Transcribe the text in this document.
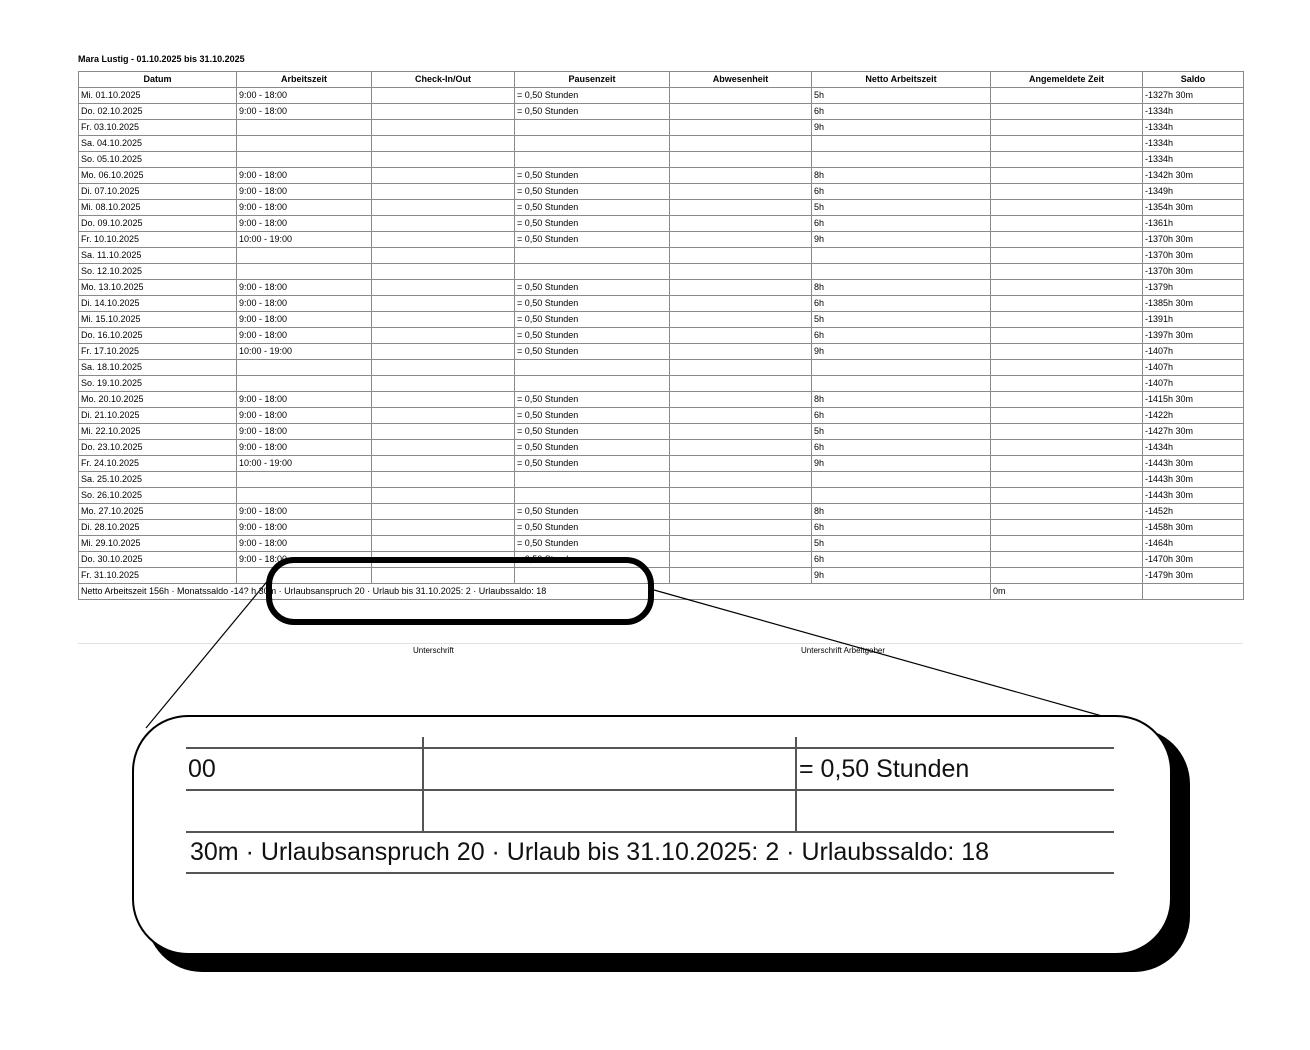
Mara Lustig - 01.10.2025 bis 31.10.2025
Datum	Arbeitszeit	Check-In/Out	Pausenzeit	Abwesenheit	Netto Arbeitszeit	Angemeldete Zeit	Saldo
Mi. 01.10.2025	9:00 - 18:00		= 0,50 Stunden		5h		-1327h 30m
Do. 02.10.2025	9:00 - 18:00		= 0,50 Stunden		6h		-1334h
Fr. 03.10.2025					9h		-1334h
Sa. 04.10.2025							-1334h
So. 05.10.2025							-1334h
Mo. 06.10.2025	9:00 - 18:00		= 0,50 Stunden		8h		-1342h 30m
Di. 07.10.2025	9:00 - 18:00		= 0,50 Stunden		6h		-1349h
Mi. 08.10.2025	9:00 - 18:00		= 0,50 Stunden		5h		-1354h 30m
Do. 09.10.2025	9:00 - 18:00		= 0,50 Stunden		6h		-1361h
Fr. 10.10.2025	10:00 - 19:00		= 0,50 Stunden		9h		-1370h 30m
Sa. 11.10.2025							-1370h 30m
So. 12.10.2025							-1370h 30m
Mo. 13.10.2025	9:00 - 18:00		= 0,50 Stunden		8h		-1379h
Di. 14.10.2025	9:00 - 18:00		= 0,50 Stunden		6h		-1385h 30m
Mi. 15.10.2025	9:00 - 18:00		= 0,50 Stunden		5h		-1391h
Do. 16.10.2025	9:00 - 18:00		= 0,50 Stunden		6h		-1397h 30m
Fr. 17.10.2025	10:00 - 19:00		= 0,50 Stunden		9h		-1407h
Sa. 18.10.2025							-1407h
So. 19.10.2025							-1407h
Mo. 20.10.2025	9:00 - 18:00		= 0,50 Stunden		8h		-1415h 30m
Di. 21.10.2025	9:00 - 18:00		= 0,50 Stunden		6h		-1422h
Mi. 22.10.2025	9:00 - 18:00		= 0,50 Stunden		5h		-1427h 30m
Do. 23.10.2025	9:00 - 18:00		= 0,50 Stunden		6h		-1434h
Fr. 24.10.2025	10:00 - 19:00		= 0,50 Stunden		9h		-1443h 30m
Sa. 25.10.2025							-1443h 30m
So. 26.10.2025							-1443h 30m
Mo. 27.10.2025	9:00 - 18:00		= 0,50 Stunden		8h		-1452h
Di. 28.10.2025	9:00 - 18:00		= 0,50 Stunden		6h		-1458h 30m
Mi. 29.10.2025	9:00 - 18:00		= 0,50 Stunden		5h		-1464h
Do. 30.10.2025	9:00 - 18:00		= 0,50 Stunden		6h		-1470h 30m
Fr. 31.10.2025					9h		-1479h 30m
Netto Arbeitszeit 156h · Monatssaldo -14? h 30m · Urlaubsanspruch 20 · Urlaub bis 31.10.2025: 2 · Urlaubssaldo: 18						0m	
Unterschrift	Unterschrift Arbeitgeber
00	= 0,50 Stunden
30m · Urlaubsanspruch 20 · Urlaub bis 31.10.2025: 2 · Urlaubssaldo: 18
